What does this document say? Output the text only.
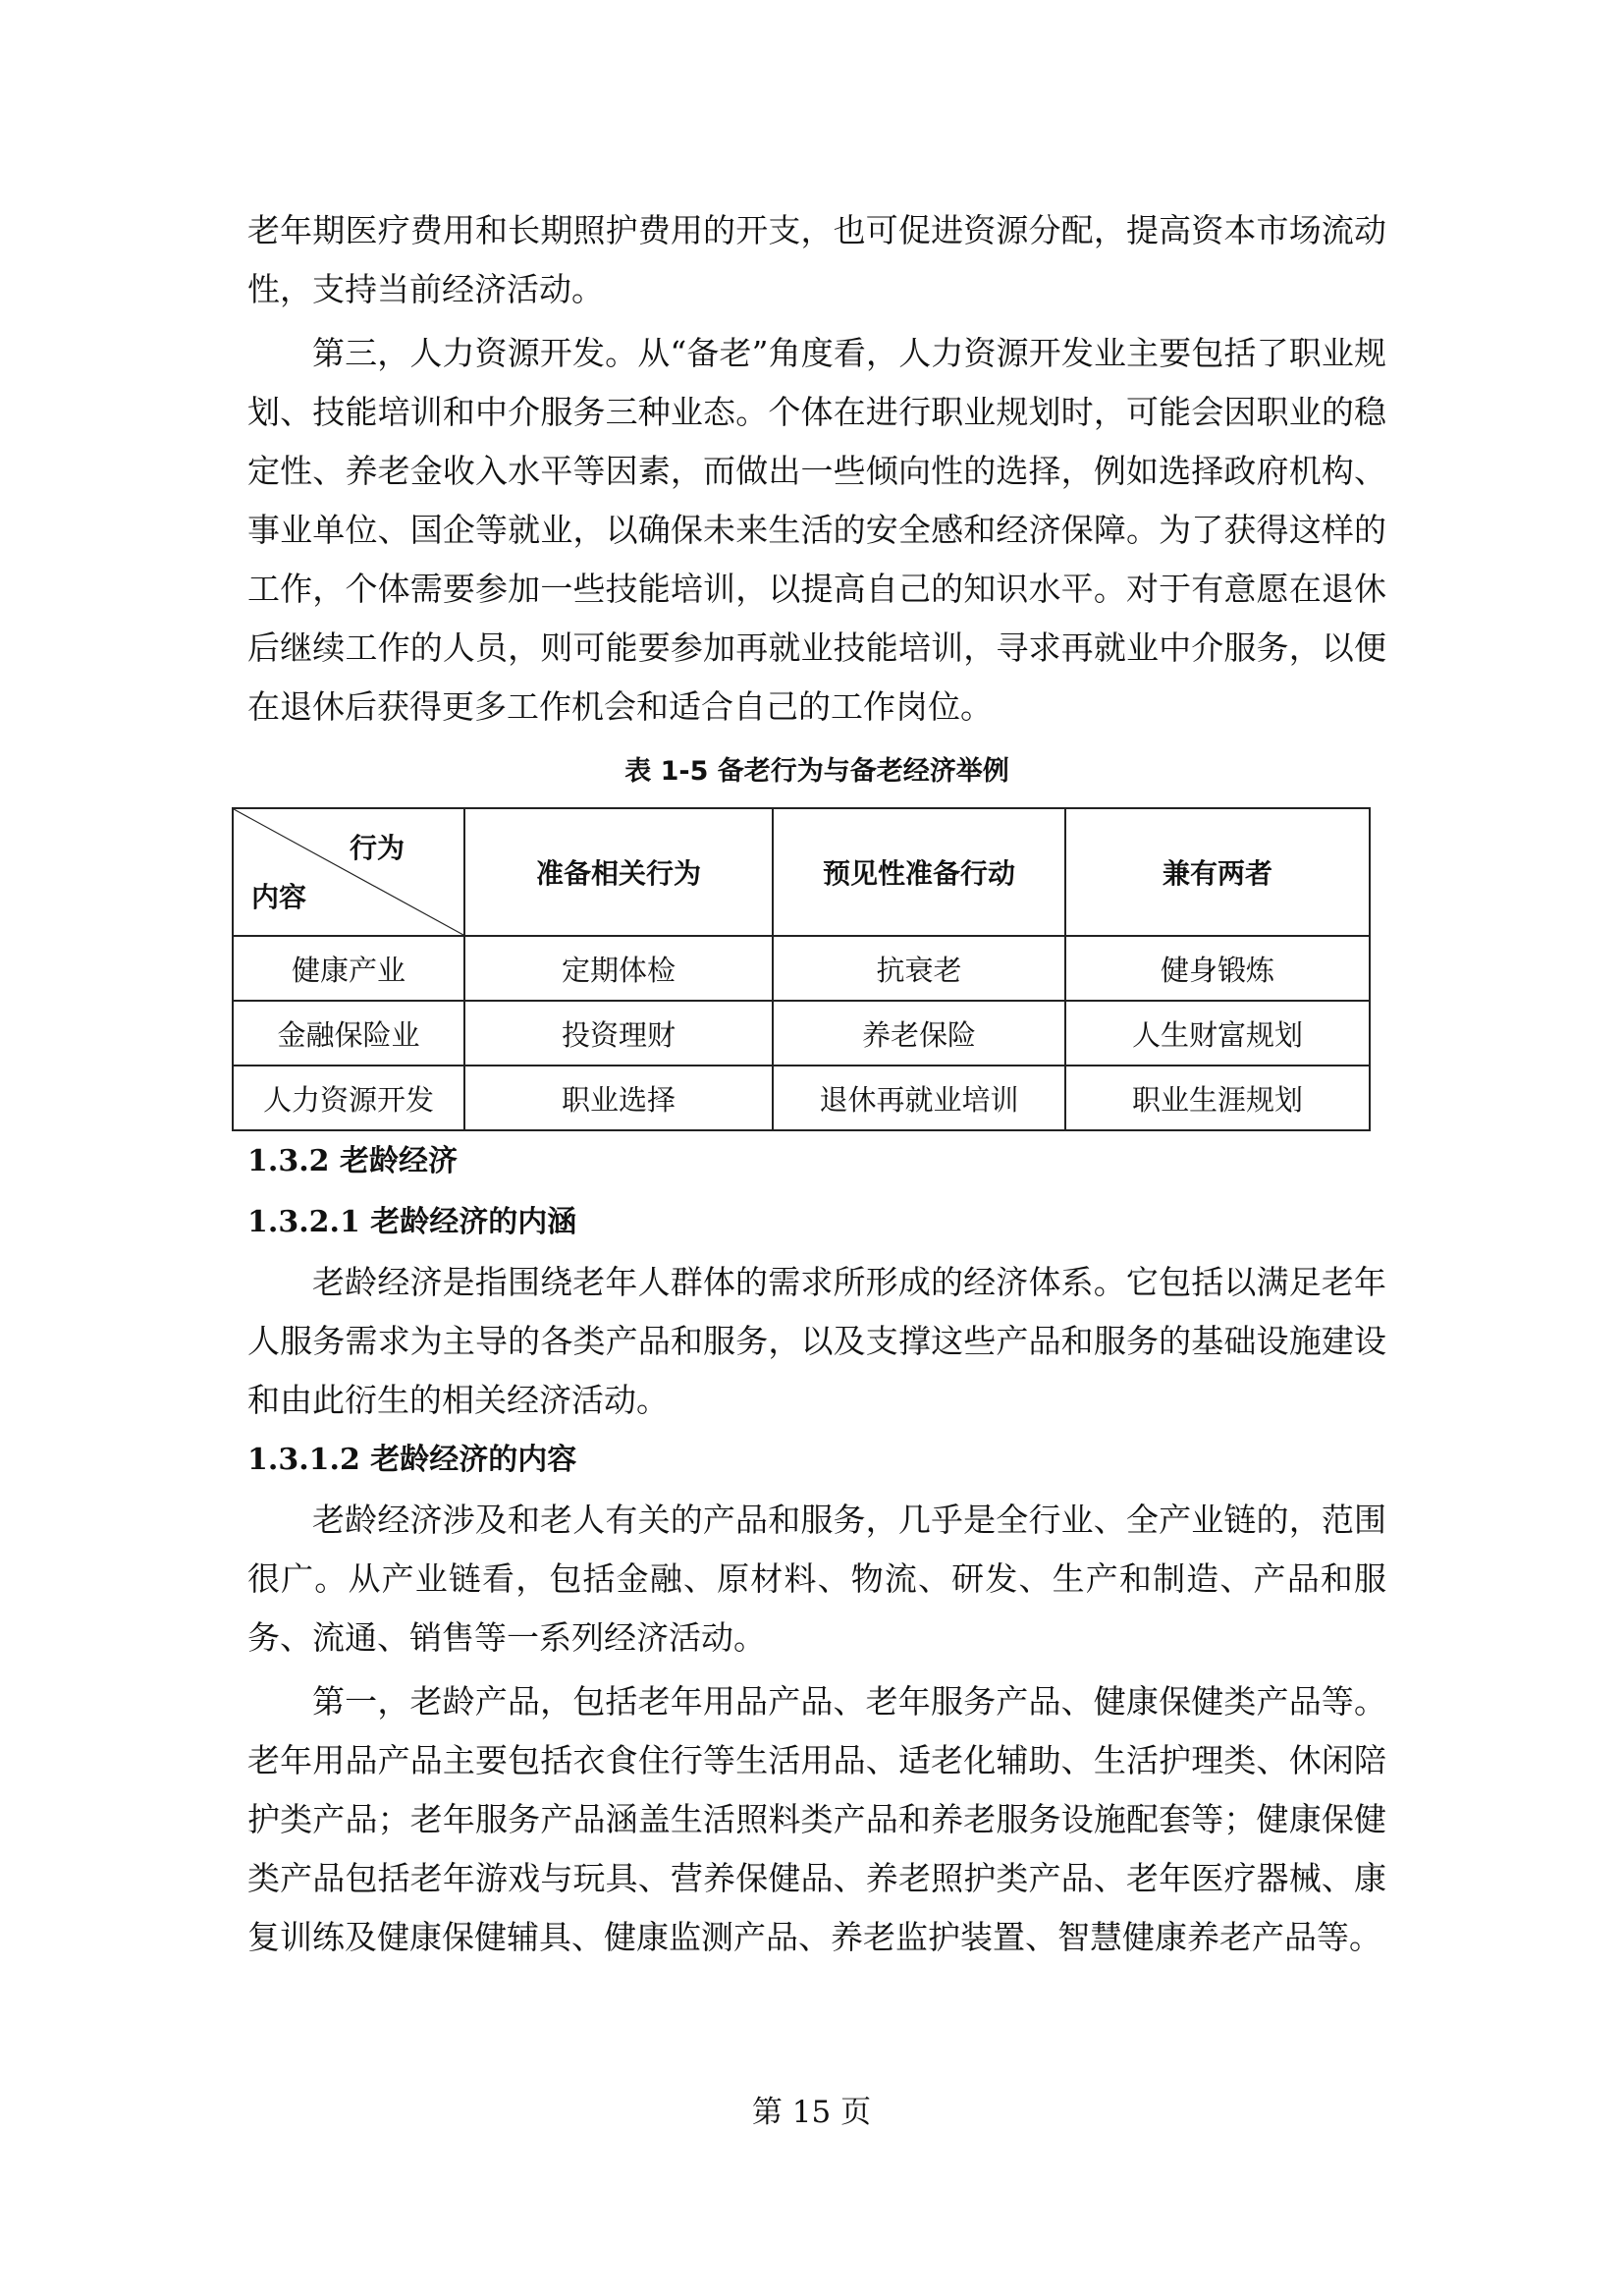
老年期医疗费用和长期照护费用的开支，也可促进资源分配，提高资本市场流动性，支持当前经济活动。

第三，人力资源开发。从“备老”角度看，人力资源开发业主要包括了职业规划、技能培训和中介服务三种业态。个体在进行职业规划时，可能会因职业的稳定性、养老金收入水平等因素，而做出一些倾向性的选择，例如选择政府机构、事业单位、国企等就业，以确保未来生活的安全感和经济保障。为了获得这样的工作，个体需要参加一些技能培训，以提高自己的知识水平。对于有意愿在退休后继续工作的人员，则可能要参加再就业技能培训，寻求再就业中介服务，以便在退休后获得更多工作机会和适合自己的工作岗位。

表 1-5 备老行为与备老经济举例
行为
内容	准备相关行为	预见性准备行动	兼有两者
健康产业	定期体检	抗衰老	健身锻炼
金融保险业	投资理财	养老保险	人生财富规划
人力资源开发	职业选择	退休再就业培训	职业生涯规划

1.3.2 老龄经济

1.3.2.1 老龄经济的内涵

老龄经济是指围绕老年人群体的需求所形成的经济体系。它包括以满足老年人服务需求为主导的各类产品和服务，以及支撑这些产品和服务的基础设施建设和由此衍生的相关经济活动。

1.3.1.2 老龄经济的内容

老龄经济涉及和老人有关的产品和服务，几乎是全行业、全产业链的，范围很广。从产业链看，包括金融、原材料、物流、研发、生产和制造、产品和服务、流通、销售等一系列经济活动。

第一，老龄产品，包括老年用品产品、老年服务产品、健康保健类产品等。老年用品产品主要包括衣食住行等生活用品、适老化辅助、生活护理类、休闲陪护类产品；老年服务产品涵盖生活照料类产品和养老服务设施配套等；健康保健类产品包括老年游戏与玩具、营养保健品、养老照护类产品、老年医疗器械、康复训练及健康保健辅具、健康监测产品、养老监护装置、智慧健康养老产品等。

第 15 页
